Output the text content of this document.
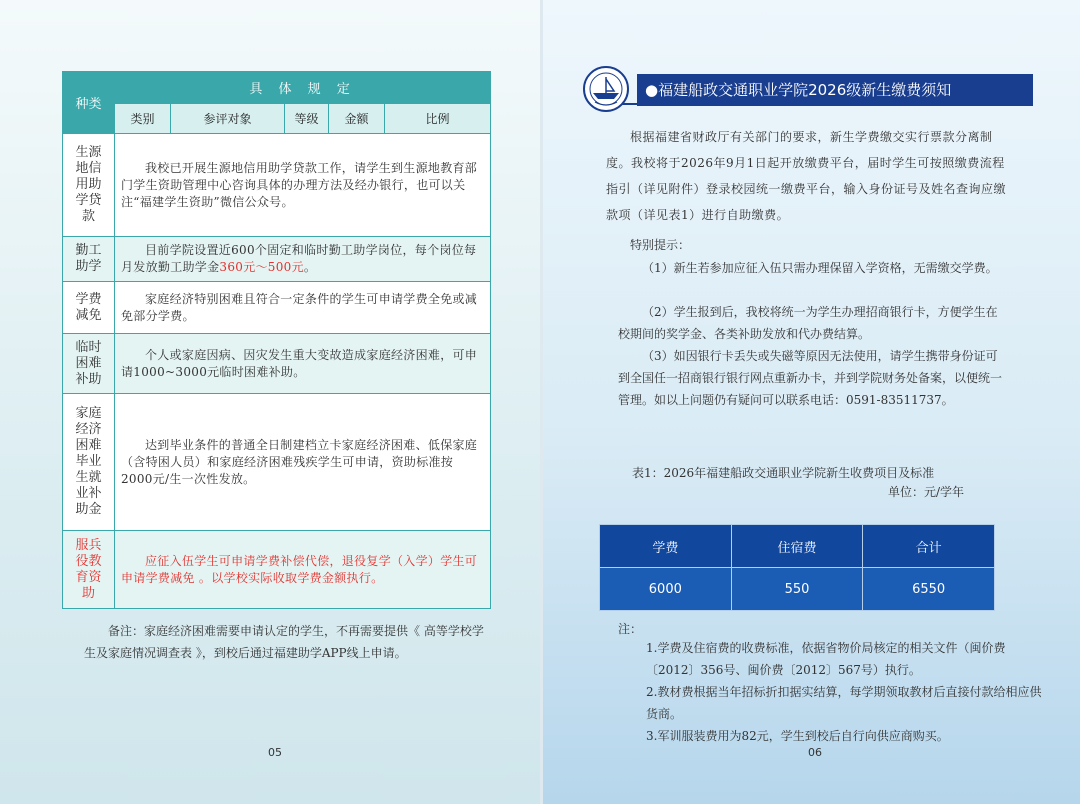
种类	具 体 规 定				
	类别	参评对象	等级	金额	比例
生源地信用助学贷款	我校已开展生源地信用助学贷款工作，请学生到生源地教育部门学生资助管理中心咨询具体的办理方法及经办银行，也可以关注“福建学生资助”微信公众号。				
勤工助学	目前学院设置近600个固定和临时勤工助学岗位，每个岗位每月发放勤工助学金360元～500元。				
学费减免	家庭经济特别困难且符合一定条件的学生可申请学费全免或减免部分学费。				
临时困难补助	个人或家庭因病、因灾发生重大变故造成家庭经济困难，可申请1000~3000元临时困难补助。				
家庭经济困难毕业生就业补助金	达到毕业条件的普通全日制建档立卡家庭经济困难、低保家庭（含特困人员）和家庭经济困难残疾学生可申请，资助标准按2000元/生一次性发放。				
服兵役教育资助	应征入伍学生可申请学费补偿代偿，退役复学（入学）学生可申请学费减免 。以学校实际收取学费金额执行。				
备注：家庭经济困难需要申请认定的学生，不再需要提供《 高等学校学生及家庭情况调查表 》，到校后通过福建助学APP线上申请。
05
●福建船政交通职业学院2026级新生缴费须知
根据福建省财政厅有关部门的要求，新生学费缴交实行票款分离制度。我校将于2026年9月1日起开放缴费平台，届时学生可按照缴费流程指引（详见附件）登录校园统一缴费平台，输入身份证号及姓名查询应缴款项（详见表1）进行自助缴费。
特别提示：
（1）新生若参加应征入伍只需办理保留入学资格，无需缴交学费。
（2）学生报到后，我校将统一为学生办理招商银行卡，方便学生在校期间的奖学金、各类补助发放和代办费结算。
（3）如因银行卡丢失或失磁等原因无法使用，请学生携带身份证可到全国任一招商银行银行网点重新办卡，并到学院财务处备案，以便统一管理。如以上问题仍有疑问可以联系电话：0591-83511737。
表1：2026年福建船政交通职业学院新生收费项目及标准
单位：元/学年
学费	住宿费	合计
6000	550	6550
注：
1.学费及住宿费的收费标准，依据省物价局核定的相关文件（闽价费〔2012〕356号、闽价费〔2012〕567号）执行。
2.教材费根据当年招标折扣据实结算，每学期领取教材后直接付款给相应供货商。
3.军训服装费用为82元，学生到校后自行向供应商购买。
06
